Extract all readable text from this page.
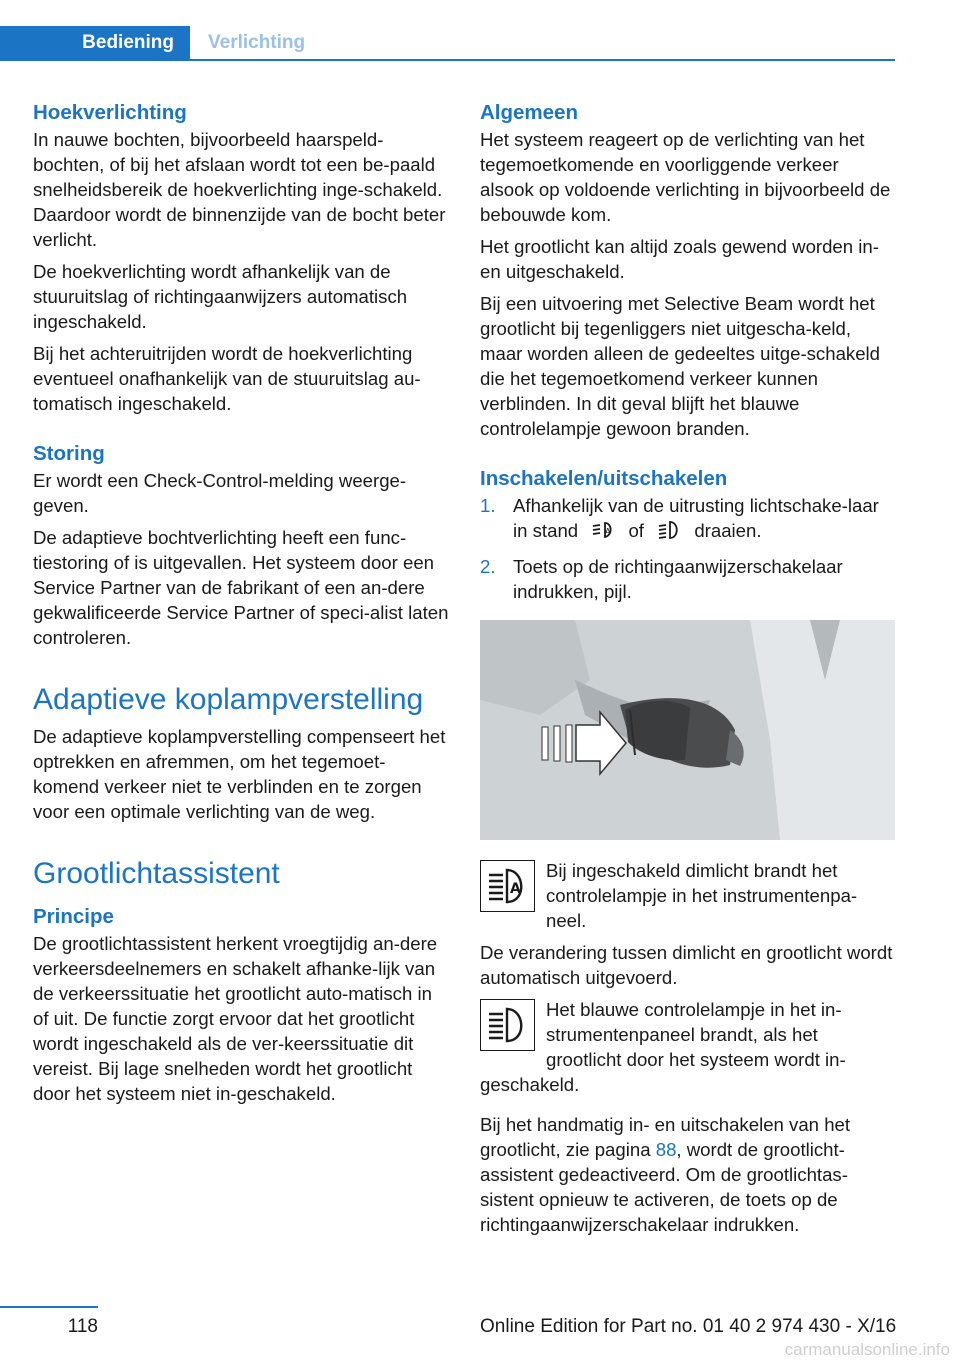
Bediening	Verlichting
Hoekverlichting

In nauwe bochten, bijvoorbeeld haarspeld-bochten, of bij het afslaan wordt tot een be-paald snelheidsbereik de hoekverlichting inge-schakeld. Daardoor wordt de binnenzijde van de bocht beter verlicht.

De hoekverlichting wordt afhankelijk van de stuuruitslag of richtingaanwijzers automatisch ingeschakeld.

Bij het achteruitrijden wordt de hoekverlichting eventueel onafhankelijk van de stuuruitslag au-tomatisch ingeschakeld.

Storing

Er wordt een Check-Control-melding weerge-geven.

De adaptieve bochtverlichting heeft een func-tiestoring of is uitgevallen. Het systeem door een Service Partner van de fabrikant of een an-dere gekwalificeerde Service Partner of speci-alist laten controleren.

Adaptieve koplampverstelling

De adaptieve koplampverstelling compenseert het optrekken en afremmen, om het tegemoet-komend verkeer niet te verblinden en te zorgen voor een optimale verlichting van de weg.

Grootlichtassistent
Principe

De grootlichtassistent herkent vroegtijdig an-dere verkeersdeelnemers en schakelt afhanke-lijk van de verkeerssituatie het grootlicht auto-matisch in of uit. De functie zorgt ervoor dat het grootlicht wordt ingeschakeld als de ver-keerssituatie dit vereist. Bij lage snelheden wordt het grootlicht door het systeem niet in-geschakeld.

Algemeen

Het systeem reageert op de verlichting van het tegemoetkomende en voorliggende verkeer alsook op voldoende verlichting in bijvoorbeeld de bebouwde kom.

Het grootlicht kan altijd zoals gewend worden in- en uitgeschakeld.

Bij een uitvoering met Selective Beam wordt het grootlicht bij tegenliggers niet uitgescha-keld, maar worden alleen de gedeeltes uitge-schakeld die het tegemoetkomend verkeer kunnen verblinden. In dit geval blijft het blauwe controlelampje gewoon branden.

Inschakelen/uitschakelen
1. Afhankelijk van de uitrusting lichtschake-laar in stand	A of	draaien.
2. Toets op de richtingaanwijzerschakelaar indrukken, pijl.
A

Bij ingeschakeld dimlicht brandt het controlelampje in het instrumentenpa-neel.

De verandering tussen dimlicht en grootlicht wordt automatisch uitgevoerd.

Het blauwe controlelampje in het in-strumentenpaneel brandt, als het grootlicht door het systeem wordt in-

geschakeld.

Bij het handmatig in- en uitschakelen van het grootlicht, zie pagina 88, wordt de grootlicht-assistent gedeactiveerd. Om de grootlichtas-sistent opnieuw te activeren, de toets op de richtingaanwijzerschakelaar indrukken.

118	Online Edition for Part no. 01 40 2 974 430 - X/16
carmanualsonline.info
